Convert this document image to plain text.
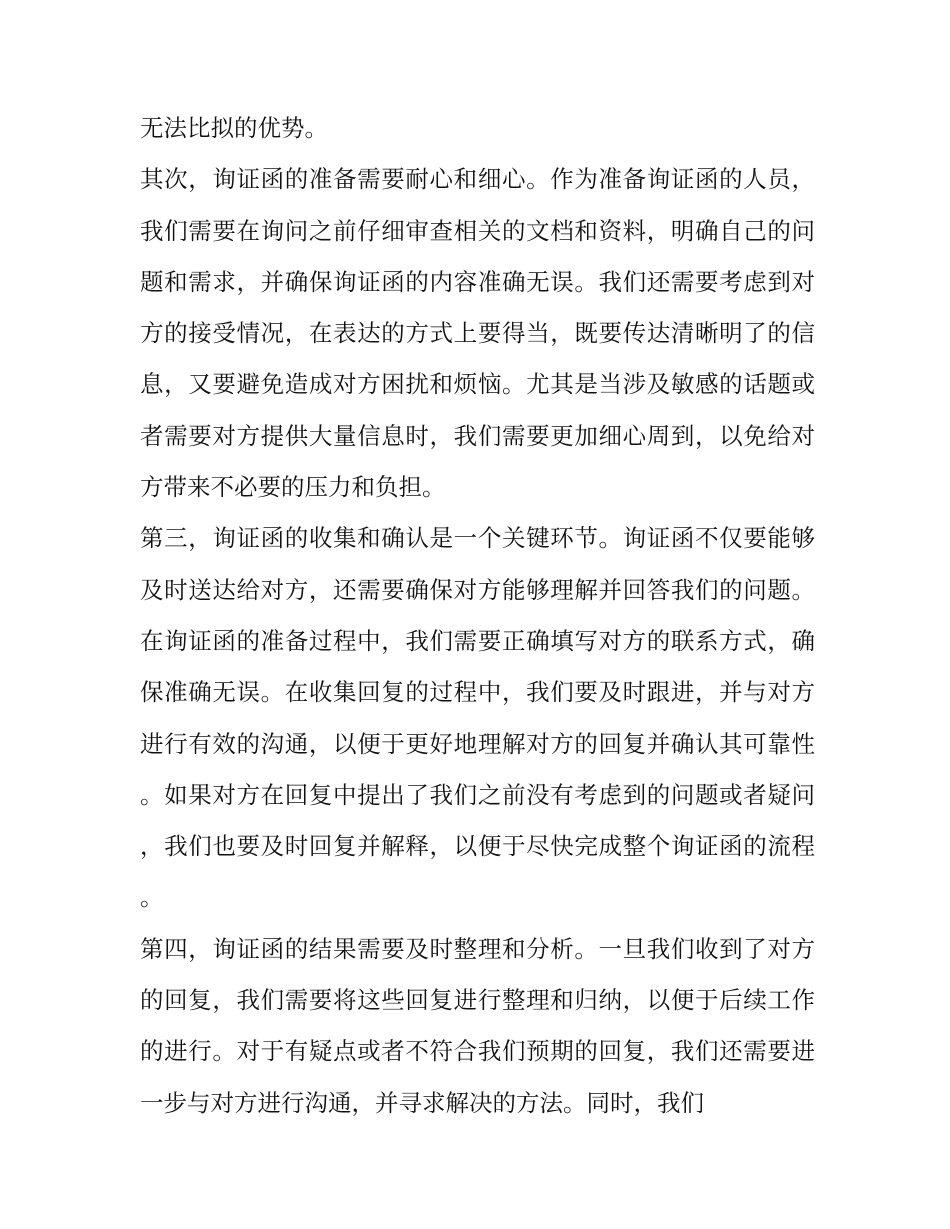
无法比拟的优势。

其次，询证函的准备需要耐心和细心。作为准备询证函的人员，我们需要在询问之前仔细审查相关的文档和资料，明确自己的问题和需求，并确保询证函的内容准确无误。我们还需要考虑到对方的接受情况，在表达的方式上要得当，既要传达清晰明了的信息，又要避免造成对方困扰和烦恼。尤其是当涉及敏感的话题或者需要对方提供大量信息时，我们需要更加细心周到，以免给对方带来不必要的压力和负担。

第三，询证函的收集和确认是一个关键环节。询证函不仅要能够及时送达给对方，还需要确保对方能够理解并回答我们的问题。在询证函的准备过程中，我们需要正确填写对方的联系方式，确保准确无误。在收集回复的过程中，我们要及时跟进，并与对方进行有效的沟通，以便于更好地理解对方的回复并确认其可靠性。如果对方在回复中提出了我们之前没有考虑到的问题或者疑问，我们也要及时回复并解释，以便于尽快完成整个询证函的流程。

第四，询证函的结果需要及时整理和分析。一旦我们收到了对方的回复，我们需要将这些回复进行整理和归纳，以便于后续工作的进行。对于有疑点或者不符合我们预期的回复，我们还需要进一步与对方进行沟通，并寻求解决的方法。同时，我们
